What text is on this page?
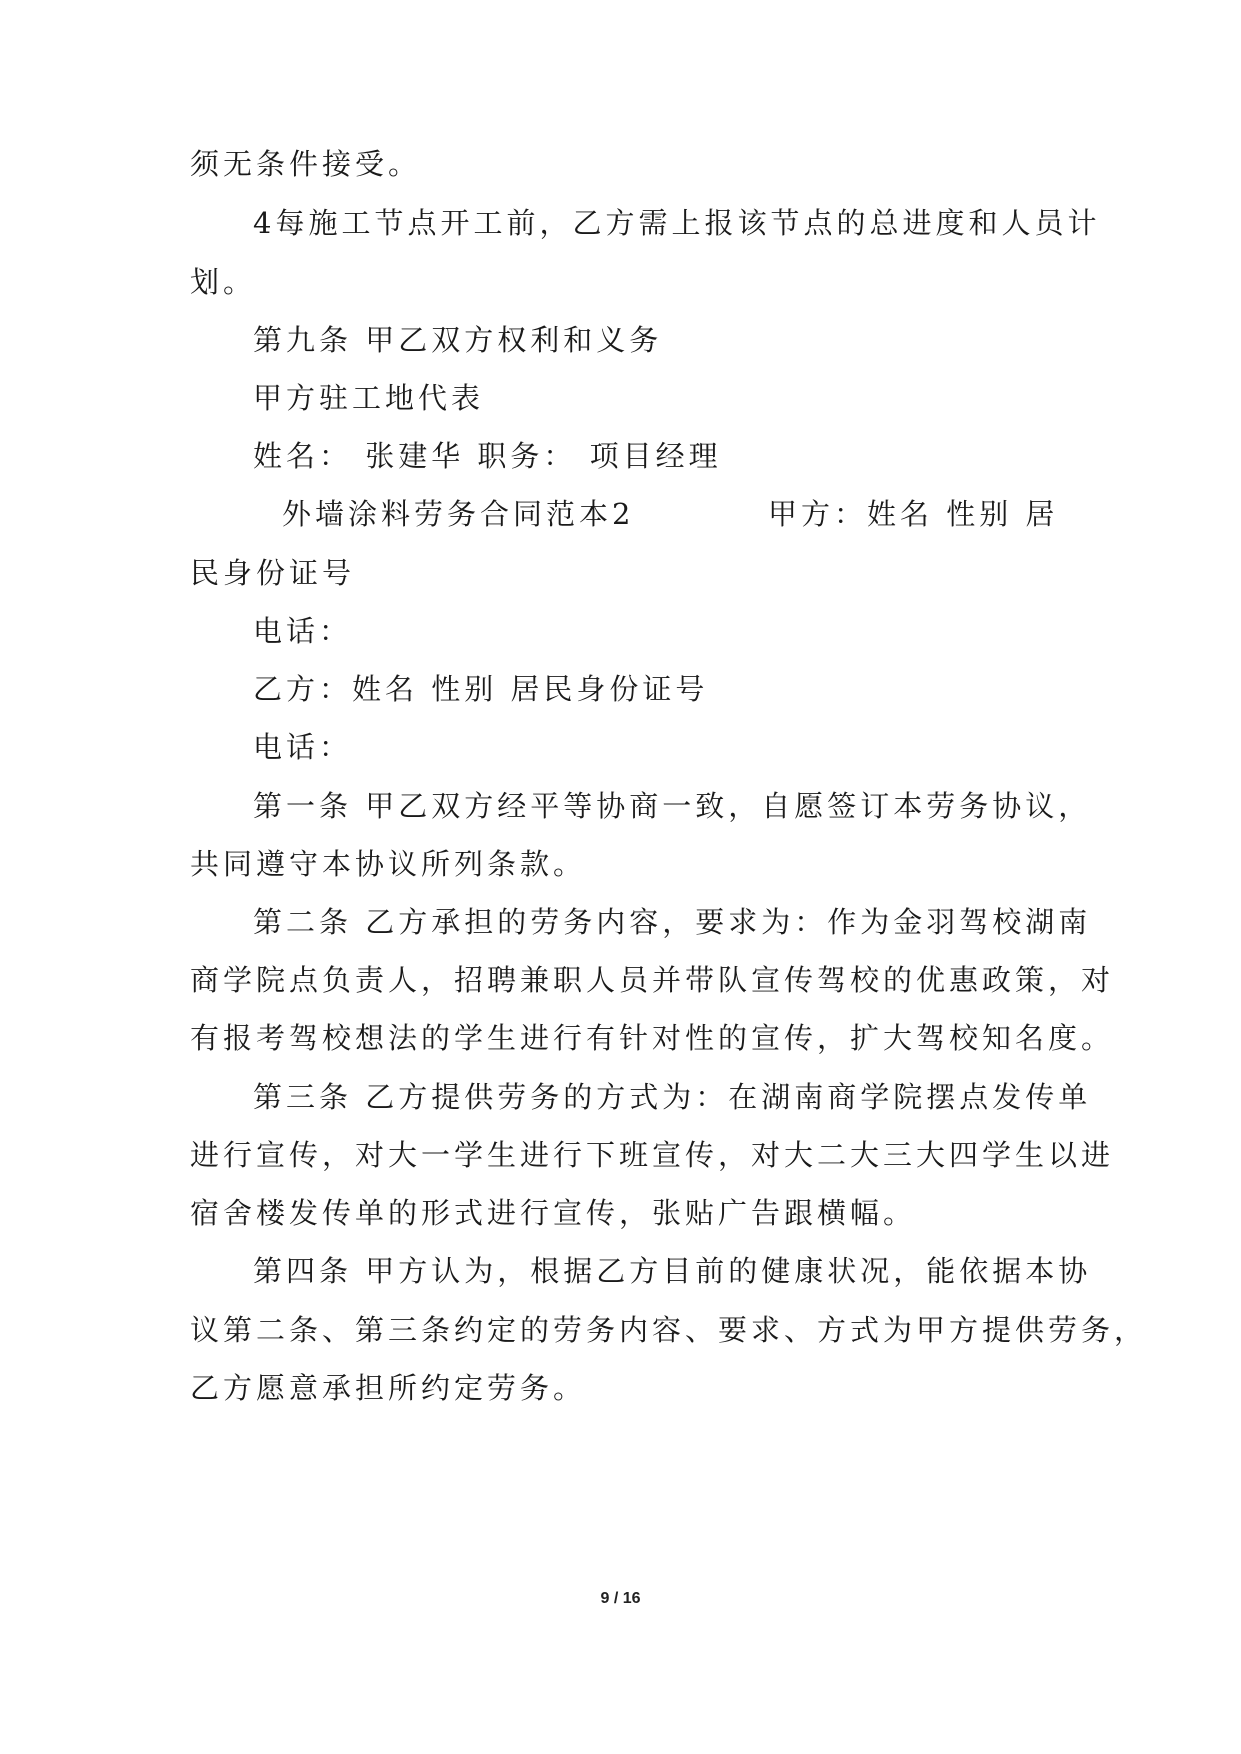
须无条件接受。
4每施工节点开工前，乙方需上报该节点的总进度和人员计
划。
第九条 甲乙双方权利和义务
甲方驻工地代表
姓名： 张建华 职务： 项目经理
外墙涂料劳务合同范本2	甲方：姓名 性别 居
民身份证号
电话：
乙方：姓名 性别 居民身份证号
电话：
第一条 甲乙双方经平等协商一致，自愿签订本劳务协议，
共同遵守本协议所列条款。
第二条 乙方承担的劳务内容，要求为：作为金羽驾校湖南
商学院点负责人，招聘兼职人员并带队宣传驾校的优惠政策，对
有报考驾校想法的学生进行有针对性的宣传，扩大驾校知名度。
第三条 乙方提供劳务的方式为：在湖南商学院摆点发传单
进行宣传，对大一学生进行下班宣传，对大二大三大四学生以进
宿舍楼发传单的形式进行宣传，张贴广告跟横幅。
第四条 甲方认为，根据乙方目前的健康状况，能依据本协
议第二条、第三条约定的劳务内容、要求、方式为甲方提供劳务，
乙方愿意承担所约定劳务。
9 / 16
